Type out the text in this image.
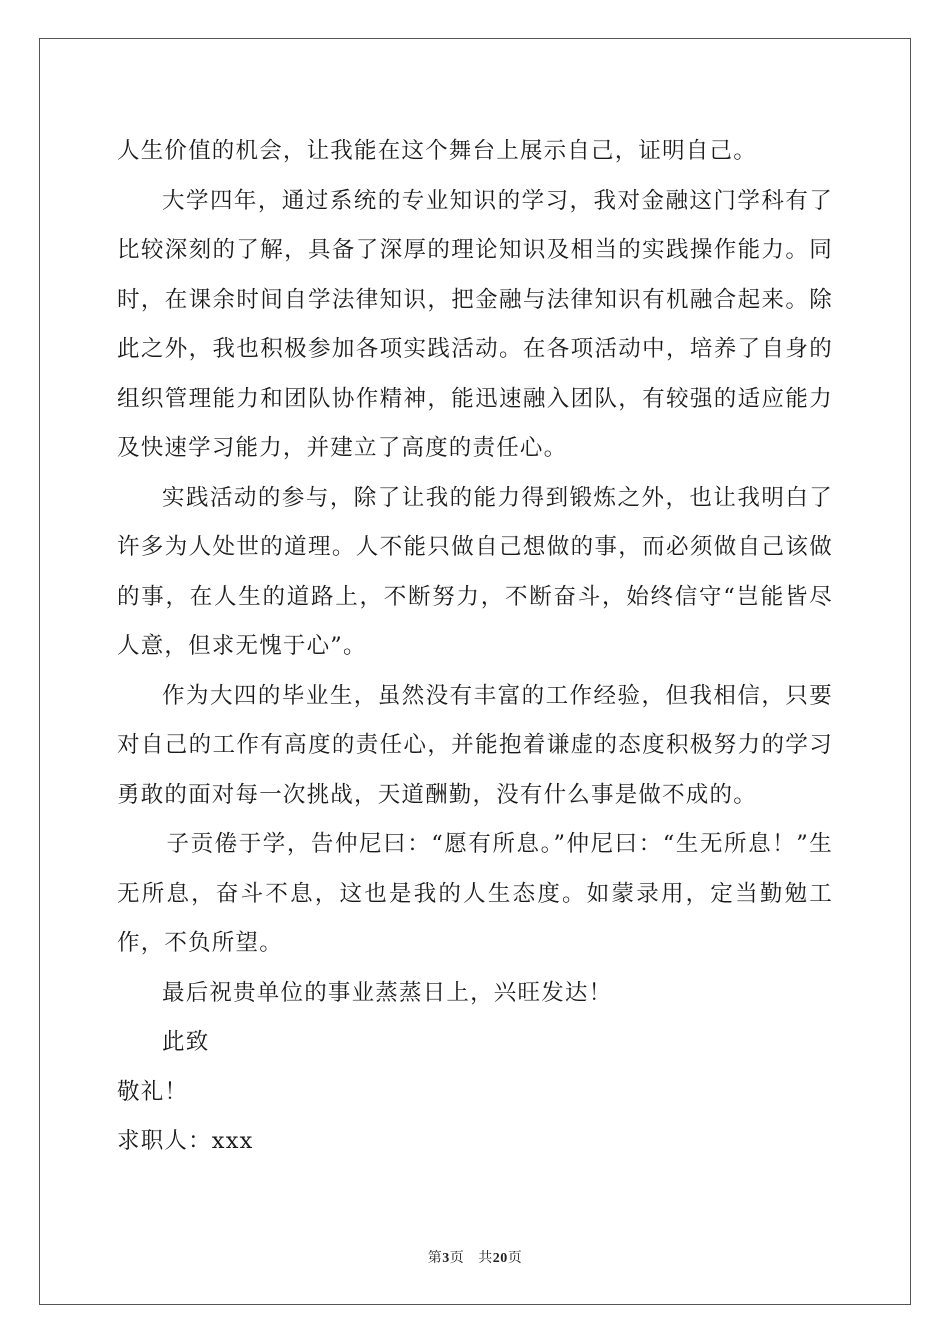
人生价值的机会，让我能在这个舞台上展示自己，证明自己。

大学四年，通过系统的专业知识的学习，我对金融这门学科有了比较深刻的了解，具备了深厚的理论知识及相当的实践操作能力。同时，在课余时间自学法律知识，把金融与法律知识有机融合起来。除此之外，我也积极参加各项实践活动。在各项活动中，培养了自身的组织管理能力和团队协作精神，能迅速融入团队，有较强的适应能力及快速学习能力，并建立了高度的责任心。

实践活动的参与，除了让我的能力得到锻炼之外，也让我明白了许多为人处世的道理。人不能只做自己想做的事，而必须做自己该做的事，在人生的道路上，不断努力，不断奋斗，始终信守“岂能皆尽人意，但求无愧于心”。

作为大四的毕业生，虽然没有丰富的工作经验，但我相信，只要对自己的工作有高度的责任心，并能抱着谦虚的态度积极努力的学习勇敢的面对每一次挑战，天道酬勤，没有什么事是做不成的。

子贡倦于学，告仲尼曰：“愿有所息。”仲尼曰：“生无所息！”生无所息，奋斗不息，这也是我的人生态度。如蒙录用，定当勤勉工作，不负所望。

最后祝贵单位的事业蒸蒸日上，兴旺发达！

此致

敬礼！

求职人：xxx

第3页 共20页
